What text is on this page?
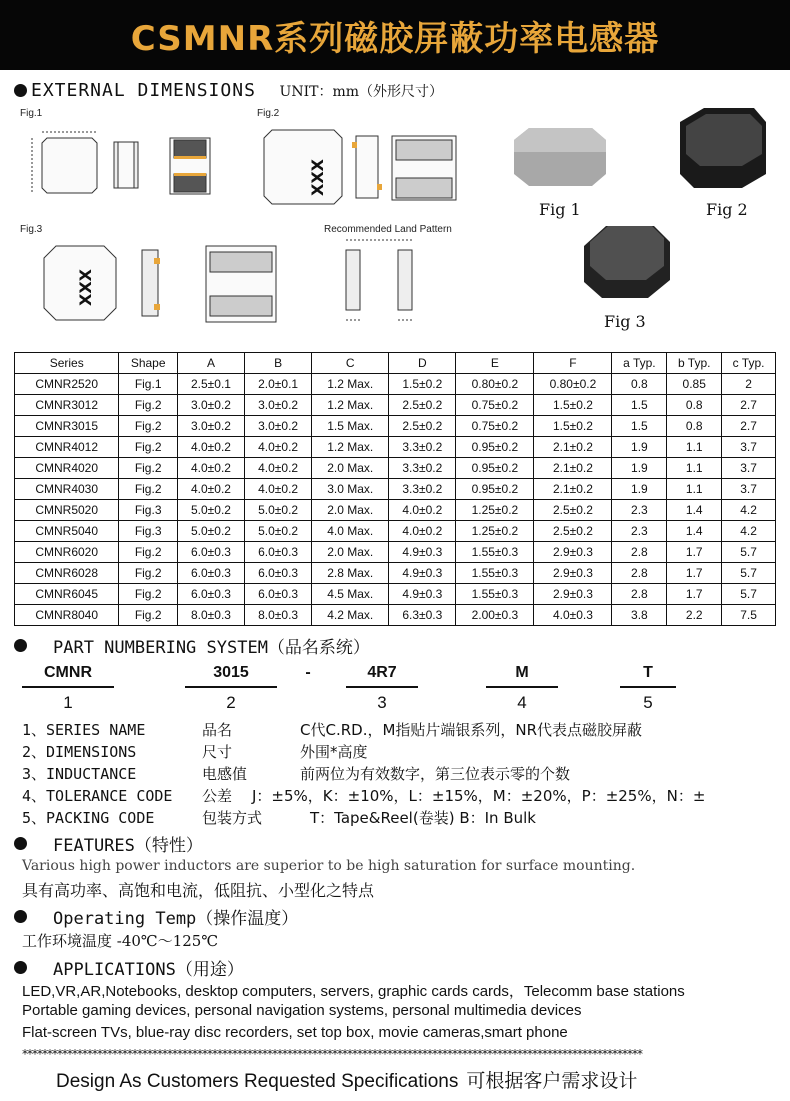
CSMNR系列磁胶屏蔽功率电感器
EXTERNAL DIMENSIONS UNIT：mm（外形尺寸）
Fig.1	Fig.2
Fig.3	Recommended Land Pattern
XXX
XXX
Fig 1	Fig 2
Fig 3
Series	Shape	A	B	C	D	E	F	a Typ.	b Typ.	c Typ.
CMNR2520	Fig.1	2.5±0.1	2.0±0.1	1.2 Max.	1.5±0.2	0.80±0.2	0.80±0.2	0.8	0.85	2
CMNR3012	Fig.2	3.0±0.2	3.0±0.2	1.2 Max.	2.5±0.2	0.75±0.2	1.5±0.2	1.5	0.8	2.7
CMNR3015	Fig.2	3.0±0.2	3.0±0.2	1.5 Max.	2.5±0.2	0.75±0.2	1.5±0.2	1.5	0.8	2.7
CMNR4012	Fig.2	4.0±0.2	4.0±0.2	1.2 Max.	3.3±0.2	0.95±0.2	2.1±0.2	1.9	1.1	3.7
CMNR4020	Fig.2	4.0±0.2	4.0±0.2	2.0 Max.	3.3±0.2	0.95±0.2	2.1±0.2	1.9	1.1	3.7
CMNR4030	Fig.2	4.0±0.2	4.0±0.2	3.0 Max.	3.3±0.2	0.95±0.2	2.1±0.2	1.9	1.1	3.7
CMNR5020	Fig.3	5.0±0.2	5.0±0.2	2.0 Max.	4.0±0.2	1.25±0.2	2.5±0.2	2.3	1.4	4.2
CMNR5040	Fig.3	5.0±0.2	5.0±0.2	4.0 Max.	4.0±0.2	1.25±0.2	2.5±0.2	2.3	1.4	4.2
CMNR6020	Fig.2	6.0±0.3	6.0±0.3	2.0 Max.	4.9±0.3	1.55±0.3	2.9±0.3	2.8	1.7	5.7
CMNR6028	Fig.2	6.0±0.3	6.0±0.3	2.8 Max.	4.9±0.3	1.55±0.3	2.9±0.3	2.8	1.7	5.7
CMNR6045	Fig.2	6.0±0.3	6.0±0.3	4.5 Max.	4.9±0.3	1.55±0.3	2.9±0.3	2.8	1.7	5.7
CMNR8040	Fig.2	8.0±0.3	8.0±0.3	4.2 Max.	6.3±0.3	2.00±0.3	4.0±0.3	3.8	2.2	7.5
PART NUMBERING SYSTEM（品名系统）
CMNR	3015	-	4R7	M	T
1	2	3	4	5
1、SERIES NAME	品名	C代C.RD.，M指贴片端银系列，NR代表点磁胶屏蔽
2、DIMENSIONS	尺寸	外围*高度
3、INDUCTANCE	电感值	前两位为有效数字，第三位表示零的个数
4、TOLERANCE CODE 公差 J：±5%，K：±10%，L：±15%，M：±20%，P：±25%，N：±
5、PACKING CODE	包装方式	T：Tape&Reel(卷装) B：In Bulk
FEATURES（特性）
Various high power inductors are superior to be high saturation for surface mounting.
具有高功率、高饱和电流，低阻抗、小型化之特点
Operating Temp（操作温度）
工作环境温度 -40℃～125℃
APPLICATIONS（用途）
LED,VR,AR,Notebooks, desktop computers, servers, graphic cards cards，Telecomm base stations
Portable gaming devices, personal navigation systems, personal multimedia devices
Flat-screen TVs, blue-ray disc recorders, set top box, movie cameras,smart phone
****************************************************************************************************************************
Design As Customers Requested Specifications 可根据客户需求设计
